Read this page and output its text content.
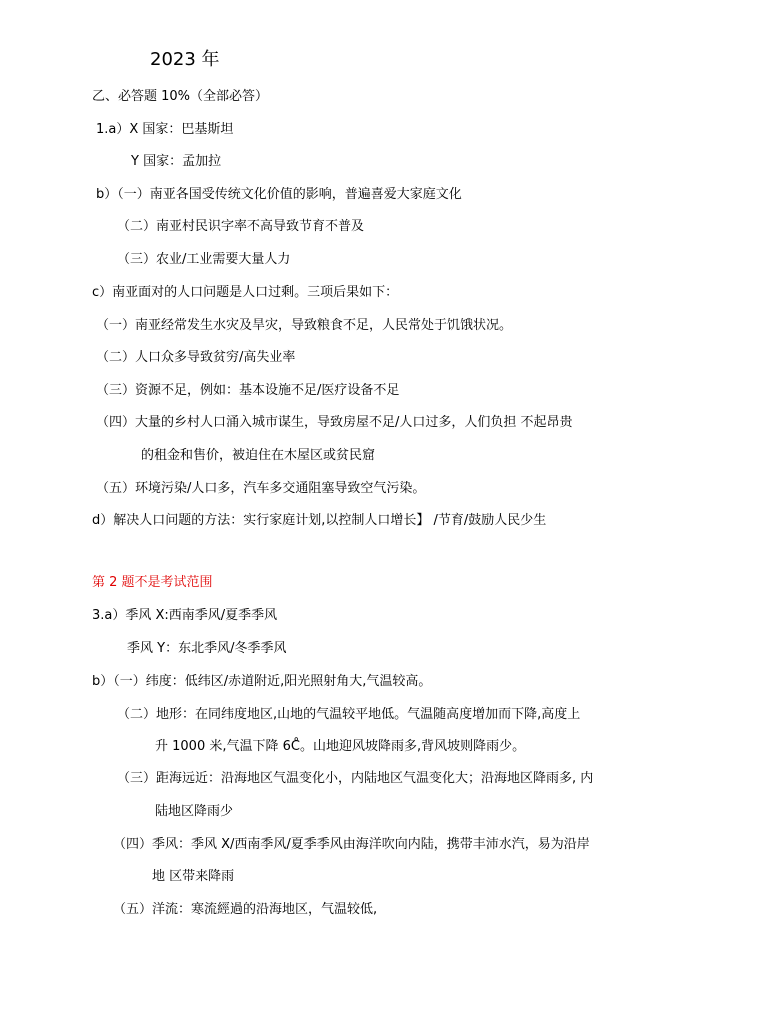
2023 年
乙、必答题 10%（全部必答）
1.a）X 国家：巴基斯坦
Y 国家：孟加拉
b）（一）南亚各国受传统文化价值的影响，普遍喜爱大家庭文化
（二）南亚村民识字率不高导致节育不普及
（三）农业/工业需要大量人力
c）南亚面对的人口问题是人口过剩。三项后果如下：
（一）南亚经常发生水灾及旱灾，导致粮食不足，人民常处于饥饿状况。
（二）人口众多导致贫穷/高失业率
（三）资源不足，例如：基本设施不足/医疗设备不足
（四）大量的乡村人口涌入城市谋生，导致房屋不足/人口过多，人们负担 不起昂贵
的租金和售价，被迫住在木屋区或贫民窟
（五）环境污染/人口多，汽车多交通阻塞导致空气污染。
d）解决人口问题的方法：实行家庭计划,以控制人口增长】 /节育/鼓励人民少生
第 2 题不是考试范围
3.a）季风 X:西南季风/夏季季风
季风 Y：东北季风/冬季季风
b）（一）纬度：低纬区/赤道附近,阳光照射角大,气温较高。
（二）地形：在同纬度地区,山地的气温较平地低。气温随高度增加而下降,高度上
升 1000 米,气温下降 6C̊。山地迎风坡降雨多,背风坡则降雨少。
（三）距海远近：沿海地区气温变化小，内陆地区气温变化大；沿海地区降雨多, 内
陆地区降雨少
（四）季风：季风 X/西南季风/夏季季风由海洋吹向内陆，携带丰沛水汽，易为沿岸
地 区带来降雨
（五）洋流：寒流經過的沿海地区，气温较低,
